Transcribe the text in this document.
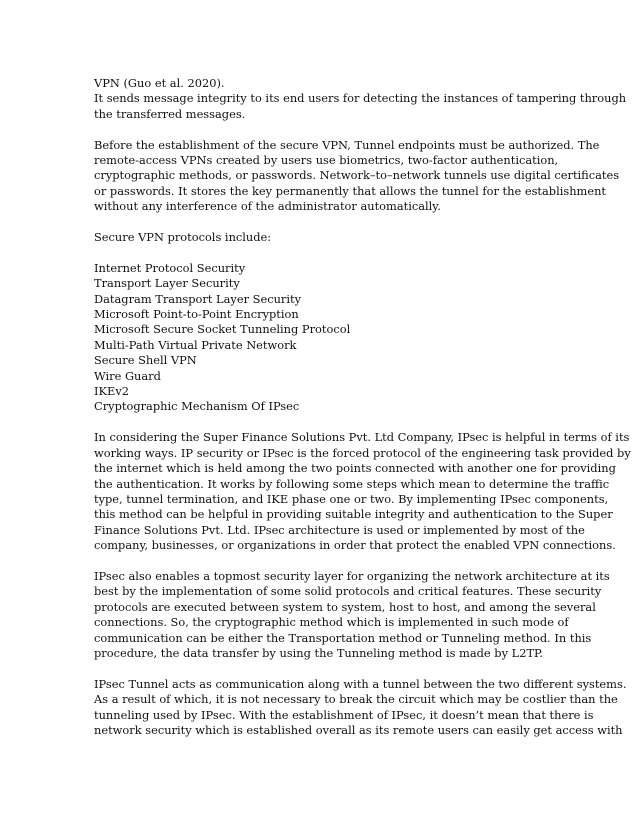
VPN (Guo et al. 2020).
It sends message integrity to its end users for detecting the instances of tampering through
the transferred messages.

Before the establishment of the secure VPN, Tunnel endpoints must be authorized. The
remote-access VPNs created by users use biometrics, two-factor authentication,
cryptographic methods, or passwords. Network–to–network tunnels use digital certificates
or passwords. It stores the key permanently that allows the tunnel for the establishment
without any interference of the administrator automatically.

Secure VPN protocols include:

Internet Protocol Security
Transport Layer Security
Datagram Transport Layer Security
Microsoft Point-to-Point Encryption
Microsoft Secure Socket Tunneling Protocol
Multi-Path Virtual Private Network
Secure Shell VPN
Wire Guard
IKEv2
Cryptographic Mechanism Of IPsec

In considering the Super Finance Solutions Pvt. Ltd Company, IPsec is helpful in terms of its
working ways. IP security or IPsec is the forced protocol of the engineering task provided by
the internet which is held among the two points connected with another one for providing
the authentication. It works by following some steps which mean to determine the traffic
type, tunnel termination, and IKE phase one or two. By implementing IPsec components,
this method can be helpful in providing suitable integrity and authentication to the Super
Finance Solutions Pvt. Ltd. IPsec architecture is used or implemented by most of the
company, businesses, or organizations in order that protect the enabled VPN connections.

IPsec also enables a topmost security layer for organizing the network architecture at its
best by the implementation of some solid protocols and critical features. These security
protocols are executed between system to system, host to host, and among the several
connections. So, the cryptographic method which is implemented in such mode of
communication can be either the Transportation method or Tunneling method. In this
procedure, the data transfer by using the Tunneling method is made by L2TP.

IPsec Tunnel acts as communication along with a tunnel between the two different systems.
As a result of which, it is not necessary to break the circuit which may be costlier than the
tunneling used by IPsec. With the establishment of IPsec, it doesn’t mean that there is
network security which is established overall as its remote users can easily get access with
